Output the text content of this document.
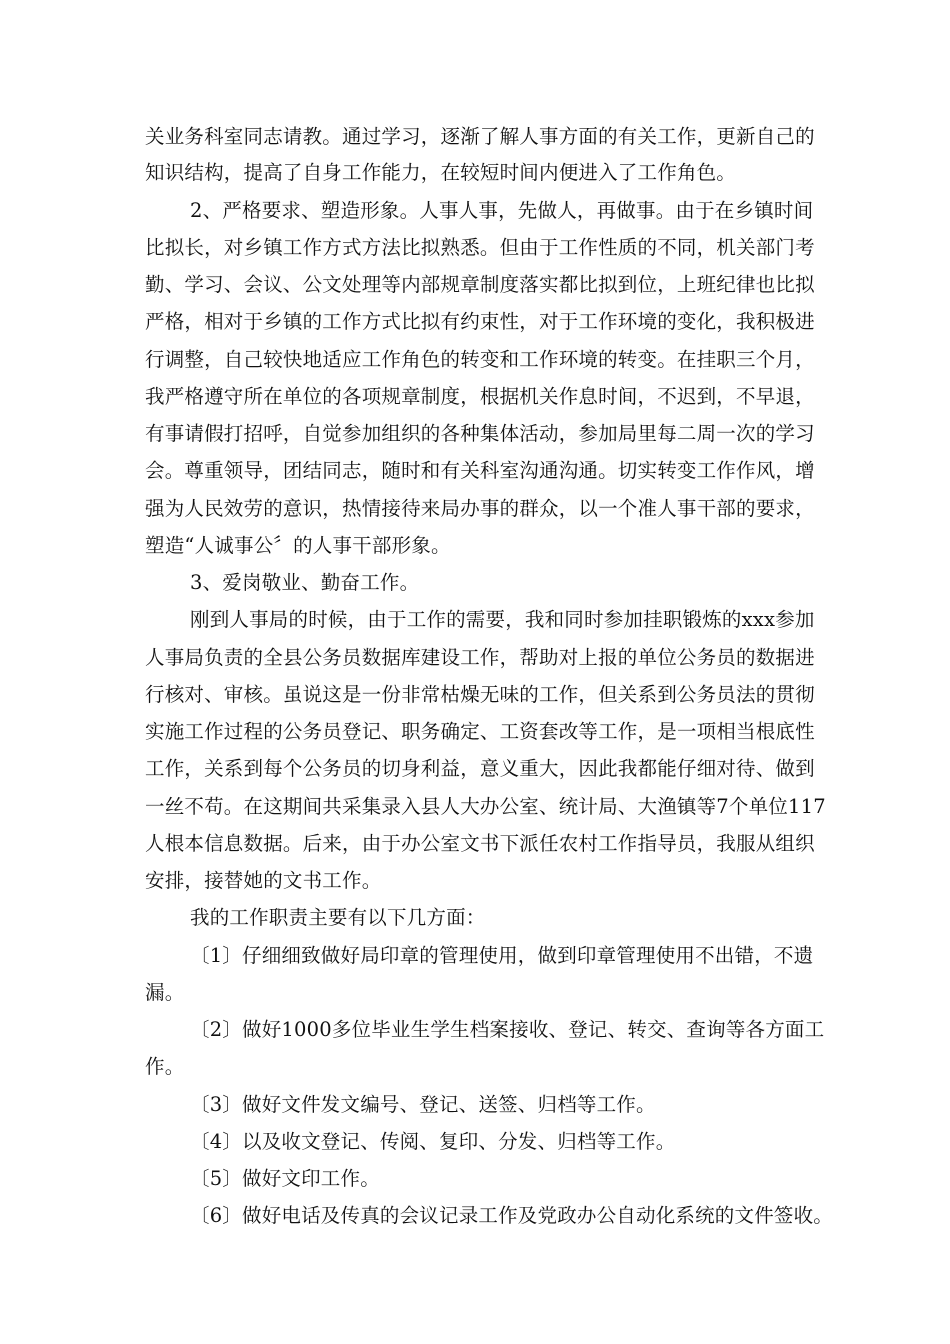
关业务科室同志请教。通过学习，逐渐了解人事方面的有关工作，更新自己的
知识结构，提高了自身工作能力，在较短时间内便进入了工作角色。
2、严格要求、塑造形象。人事人事，先做人，再做事。由于在乡镇时间
比拟长，对乡镇工作方式方法比拟熟悉。但由于工作性质的不同，机关部门考
勤、学习、会议、公文处理等内部规章制度落实都比拟到位，上班纪律也比拟
严格，相对于乡镇的工作方式比拟有约束性，对于工作环境的变化，我积极进
行调整，自己较快地适应工作角色的转变和工作环境的转变。在挂职三个月，
我严格遵守所在单位的各项规章制度，根据机关作息时间，不迟到，不早退，
有事请假打招呼，自觉参加组织的各种集体活动，参加局里每二周一次的学习
会。尊重领导，团结同志，随时和有关科室沟通沟通。切实转变工作作风，增
强为人民效劳的意识，热情接待来局办事的群众，以一个准人事干部的要求，
塑造“人诚事公〞的人事干部形象。
3、爱岗敬业、勤奋工作。
刚到人事局的时候，由于工作的需要，我和同时参加挂职锻炼的xxx参加
人事局负责的全县公务员数据库建设工作，帮助对上报的单位公务员的数据进
行核对、审核。虽说这是一份非常枯燥无味的工作，但关系到公务员法的贯彻
实施工作过程的公务员登记、职务确定、工资套改等工作，是一项相当根底性
工作，关系到每个公务员的切身利益，意义重大，因此我都能仔细对待、做到
一丝不苟。在这期间共采集录入县人大办公室、统计局、大渔镇等7个单位117
人根本信息数据。后来，由于办公室文书下派任农村工作指导员，我服从组织
安排，接替她的文书工作。
我的工作职责主要有以下几方面：
〔1〕仔细细致做好局印章的管理使用，做到印章管理使用不出错，不遗
漏。
〔2〕做好1000多位毕业生学生档案接收、登记、转交、查询等各方面工
作。
〔3〕做好文件发文编号、登记、送签、归档等工作。
〔4〕以及收文登记、传阅、复印、分发、归档等工作。
〔5〕做好文印工作。
〔6〕做好电话及传真的会议记录工作及党政办公自动化系统的文件签收。
